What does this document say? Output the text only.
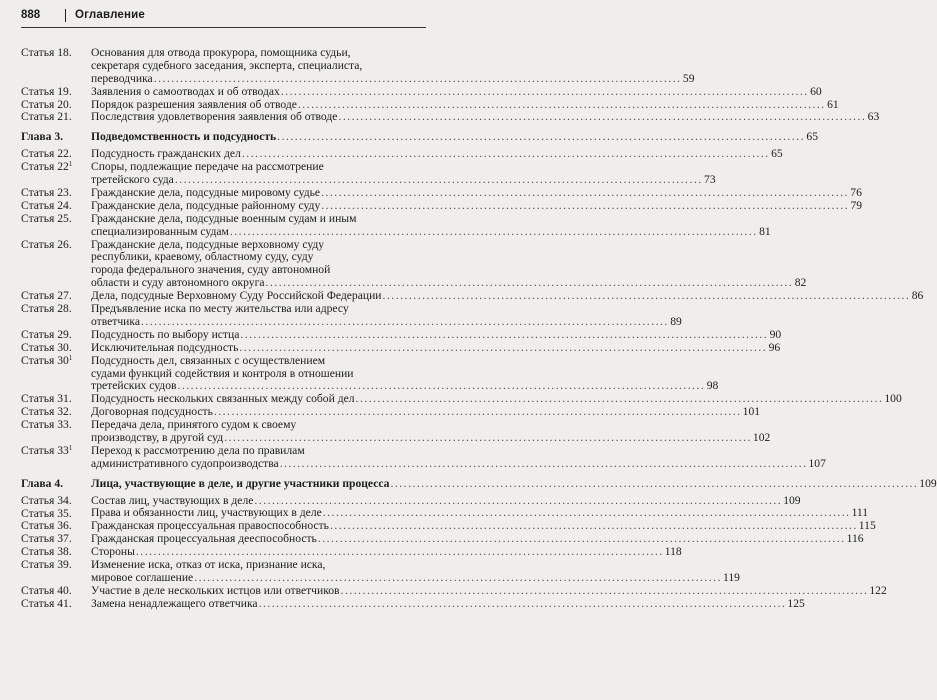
888	Оглавление
Статья 18.	Основания для отвода прокурора, помощника судьи,
секретаря судебного заседания, эксперта, специалиста,
переводчика .....	59
Статья 19.	Заявления о самоотводах и об отводах .....	60
Статья 20.	Порядок разрешения заявления об отводе .....	61
Статья 21.	Последствия удовлетворения заявления об отводе .....	63
Глава 3.	Подведомственность и подсудность .....	65
Статья 22.	Подсудность гражданских дел .....	65
Статья $22^1$	Споры, подлежащие передаче на рассмотрение
третейского суда .....	73
Статья 23.	Гражданские дела, подсудные мировому судье .....	76
Статья 24.	Гражданские дела, подсудные районному суду .....	79
Статья 25.	Гражданские дела, подсудные военным судам и иным
специализированным судам .....	81
Статья 26.	Гражданские дела, подсудные верховному суду
республики, краевому, областному суду, суду
города федерального значения, суду автономной
области и суду автономного округа .....	82
Статья 27.	Дела, подсудные Верховному Суду Российской Федерации .....	86
Статья 28.	Предъявление иска по месту жительства или адресу
ответчика .....	89
Статья 29.	Подсудность по выбору истца .....	90
Статья 30.	Исключительная подсудность .....	96
Статья $30^1$	Подсудность дел, связанных с осуществлением
судами функций содействия и контроля в отношении
третейских судов .....	98
Статья 31.	Подсудность нескольких связанных между собой дел .....	100
Статья 32.	Договорная подсудность .....	101
Статья 33.	Передача дела, принятого судом к своему
производству, в другой суд .....	102
Статья $33^1$	Переход к рассмотрению дела по правилам
административного судопроизводства .....	107
Глава 4.	Лица, участвующие в деле, и другие участники процесса .....	109
Статья 34.	Состав лиц, участвующих в деле .....	109
Статья 35.	Права и обязанности лиц, участвующих в деле .....	111
Статья 36.	Гражданская процессуальная правоспособность .....	115
Статья 37.	Гражданская процессуальная дееспособность .....	116
Статья 38.	Стороны .....	118
Статья 39.	Изменение иска, отказ от иска, признание иска,
мировое соглашение .....	119
Статья 40.	Участие в деле нескольких истцов или ответчиков .....	122
Статья 41.	Замена ненадлежащего ответчика .....	125
